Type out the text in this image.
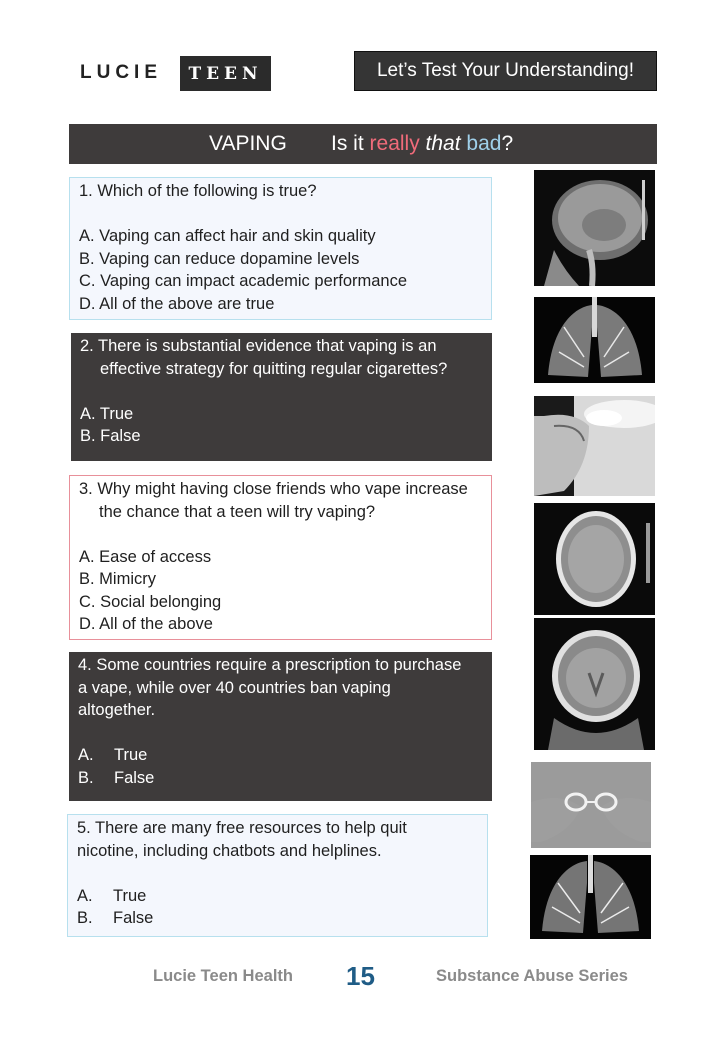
LUCIE	TEEN	Let’s Test Your Understanding!
VAPING Is it really that bad?

1. Which of the following is true?

A. Vaping can affect hair and skin quality

B. Vaping can reduce dopamine levels

C. Vaping can impact academic performance

D. All of the above are true

2. There is substantial evidence that vaping is an

effective strategy for quitting regular cigarettes?

A. True

B. False

3. Why might having close friends who vape increase

the chance that a teen will try vaping?

A. Ease of access

B. Mimicry

C. Social belonging

D. All of the above

4. Some countries require a prescription to purchase

a vape, while over 40 countries ban vaping

altogether.

A. True

B. False

5. There are many free resources to help quit

nicotine, including chatbots and helplines.

A. True

B. False

Lucie Teen Health 15	Substance Abuse Series
